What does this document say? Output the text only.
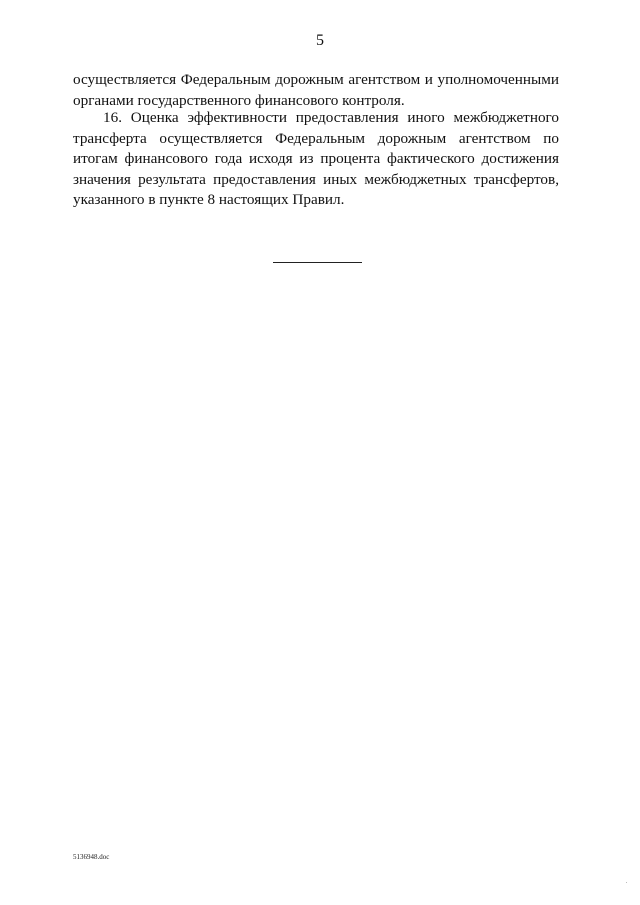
5

осуществляется Федеральным дорожным агентством и уполномоченными органами государственного финансового контроля.

16. Оценка эффективности предоставления иного межбюджетного трансферта осуществляется Федеральным дорожным агентством по итогам финансового года исходя из процента фактического достижения значения результата предоставления иных межбюджетных трансфертов, указанного в пункте 8 настоящих Правил.

5136948.doc
